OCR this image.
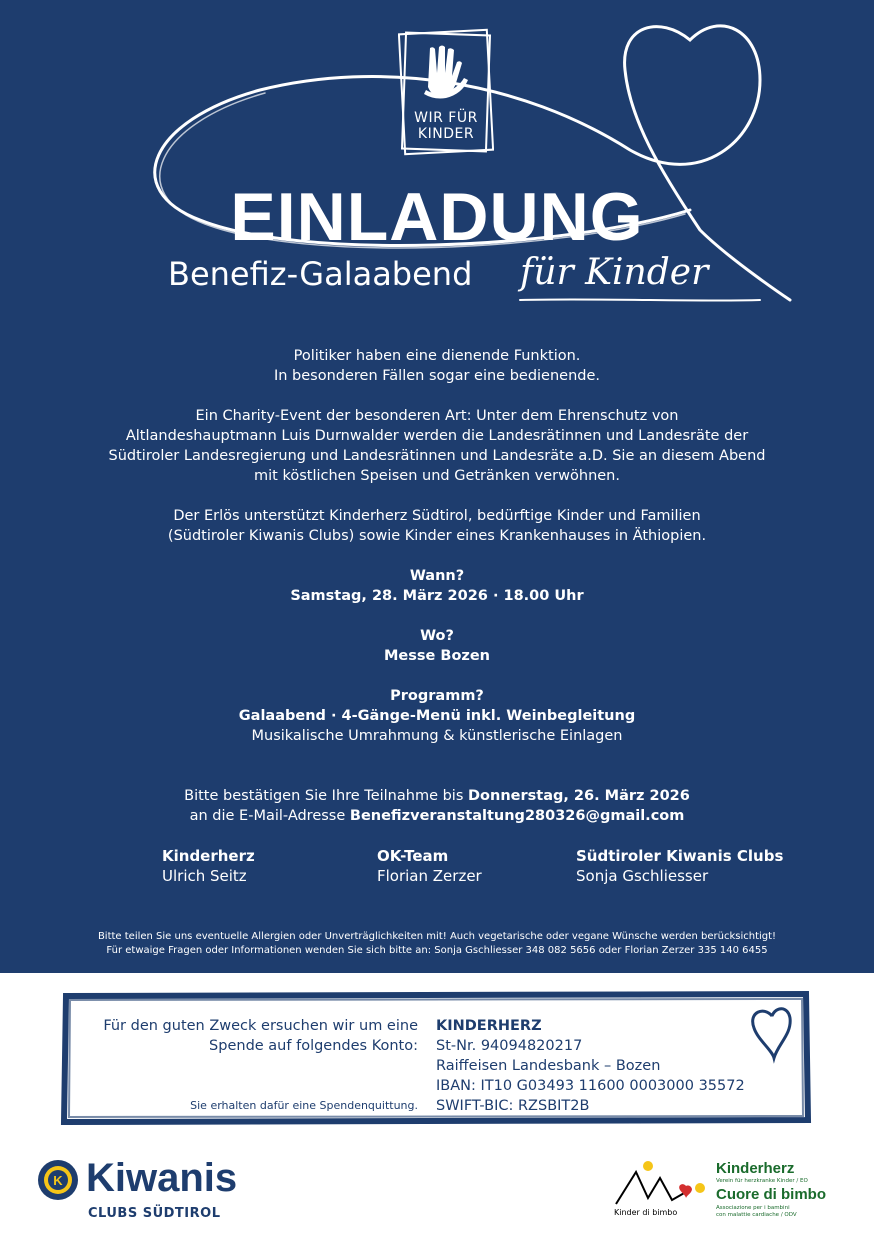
WIR FÜR
KINDER
EINLADUNG
Benefiz-Galaabend für Kinder
Politiker haben eine dienende Funktion.
In besonderen Fällen sogar eine bedienende.
Ein Charity-Event der besonderen Art: Unter dem Ehrenschutz von
Altlandeshauptmann Luis Durnwalder werden die Landesrätinnen und Landesräte der
Südtiroler Landesregierung und Landesrätinnen und Landesräte a.D. Sie an diesem Abend
mit köstlichen Speisen und Getränken verwöhnen.
Der Erlös unterstützt Kinderherz Südtirol, bedürftige Kinder und Familien
(Südtiroler Kiwanis Clubs) sowie Kinder eines Krankenhauses in Äthiopien.
Wann?
Samstag, 28. März 2026 · 18.00 Uhr
Wo?
Messe Bozen
Programm?
Galaabend · 4-Gänge-Menü inkl. Weinbegleitung
Musikalische Umrahmung & künstlerische Einlagen
Bitte bestätigen Sie Ihre Teilnahme bis Donnerstag, 26. März 2026
an die E-Mail-Adresse Benefizveranstaltung280326@gmail.com
Kinderherz
Ulrich Seitz
OK-Team
Florian Zerzer
Südtiroler Kiwanis Clubs
Sonja Gschliesser
Bitte teilen Sie uns eventuelle Allergien oder Unverträglichkeiten mit! Auch vegetarische oder vegane Wünsche werden berücksichtigt!
Für etwaige Fragen oder Informationen wenden Sie sich bitte an: Sonja Gschliesser 348 082 5656 oder Florian Zerzer 335 140 6455
Für den guten Zweck ersuchen wir um eine
Spende auf folgendes Konto:
Sie erhalten dafür eine Spendenquittung.
KINDERHERZ
St-Nr. 94094820217
Raiffeisen Landesbank – Bozen
IBAN: IT10 G03493 11600 0003000 35572
SWIFT-BIC: RZSBIT2B
K Kiwanis
CLUBS SÜDTIROL	Kinder di bimbo
Kinderherz
Verein für herzkranke Kinder / EO
Cuore di bimbo
Associazione per i bambini
con malattie cardiache / ODV
